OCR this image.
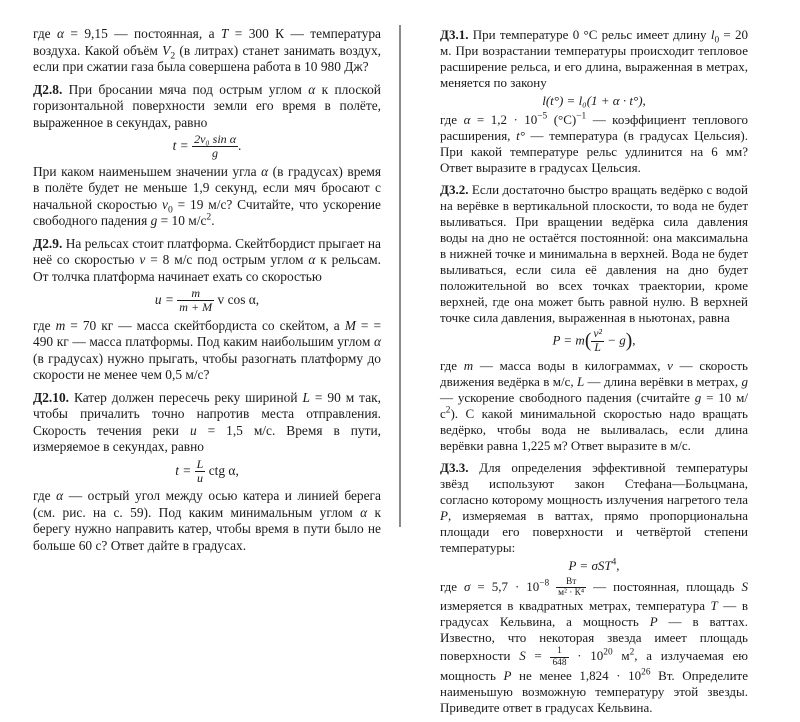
где α = 9,15 — постоянная, а T = 300 К — температура воздуха. Какой объём $V_2$ (в литрах) станет занимать воздух, если при сжатии газа была совершена работа в 10 980 Дж?

Д2.8. При бросании мяча под острым углом α к плоской горизонтальной поверхности земли его время в полёте, выраженное в секундах, равно

$t = \frac{\text{2v₀ sin α}}{g}$ .

При каком наименьшем значении угла α (в градусах) время в полёте будет не меньше 1,9 секунд, если мяч бросают с начальной скоростью $v_0 = 19$ м/с? Считайте, что ускорение свободного падения g = 10 $м/с^2$.

Д2.9. На рельсах стоит платформа. Скейтбордист прыгает на неё со скоростью v = 8 м/с под острым углом α к рельсам. От толчка платформа начинает ехать со скоростью

$u = \frac{m}{m + M}$ v cos α,

где m = 70 кг — масса скейтбордиста со скейтом, а M = = 490 кг — масса платформы. Под каким наибольшим углом α (в градусах) нужно прыгать, чтобы разогнать платформу до скорости не менее чем 0,5 м/с?

Д2.10. Катер должен пересечь реку шириной L = 90 м так, чтобы причалить точно напротив места отправления. Скорость течения реки u = 1,5 м/с. Время в пути, измеряемое в секундах, равно

$t = \frac{L}{u}$ ctg α,

где α — острый угол между осью катера и линией берега (см. рис. на с. 59). Под каким минимальным углом α к берегу нужно направить катер, чтобы время в пути было не больше 60 с? Ответ дайте в градусах.

Д3.1. При температуре 0 °С рельс имеет длину $l_0 = 20$ м. При возрастании температуры происходит тепловое расширение рельса, и его длина, выраженная в метрах, меняется по закону

l(t°) = l₀(1 + α · t°),

где $\alpha = 1,2 \cdot 10^{-5}$ $(^\circ С)^{-1}$ — коэффициент теплового расширения, t° — температура (в градусах Цельсия). При какой температуре рельс удлинится на 6 мм? Ответ выразите в градусах Цельсия.

Д3.2. Если достаточно быстро вращать ведёрко с водой на верёвке в вертикальной плоскости, то вода не будет выливаться. При вращении ведёрка сила давления воды на дно не остаётся постоянной: она максимальна в нижней точке и минимальна в верхней. Вода не будет выливаться, если сила её давления на дно будет положительной во всех точках траектории, кроме верхней, где она может быть равной нулю. В верхней точке сила давления, выраженная в ньютонах, равна

$P = m( \frac{\text{v²}}{L} - g)$,

где m — масса воды в килограммах, v — скорость движения ведёрка в м/с, L — длина верёвки в метрах, g — ускорение свободного падения (считайте g = 10 $м/с^2$). С какой минимальной скоростью надо вращать ведёрко, чтобы вода не выливалась, если длина верёвки равна 1,225 м? Ответ выразите в м/с.

Д3.3. Для определения эффективной температуры звёзд используют закон Стефана—Больцмана, согласно которому мощность излучения нагретого тела P, измеряемая в ваттах, прямо пропорциональна площади его поверхности и четвёртой степени температуры:

P = σST$^4$,

где $\sigma = 5,7 \cdot 10^{-8} \frac{Вт}{\text{м² · К⁴}}$ — постоянная, площадь S измеряется в квадратных метрах, температура T — в градусах Кельвина, а мощность P — в ваттах. Известно, что некоторая звезда имеет площадь поверхности $S = \frac{1}{648} \cdot 10^{20}$ $м^2$, а излучаемая ею мощность P не менее $1,824 \cdot 10^{26}$ Вт. Определите наименьшую возможную температуру этой звезды. Приведите ответ в градусах Кельвина.
